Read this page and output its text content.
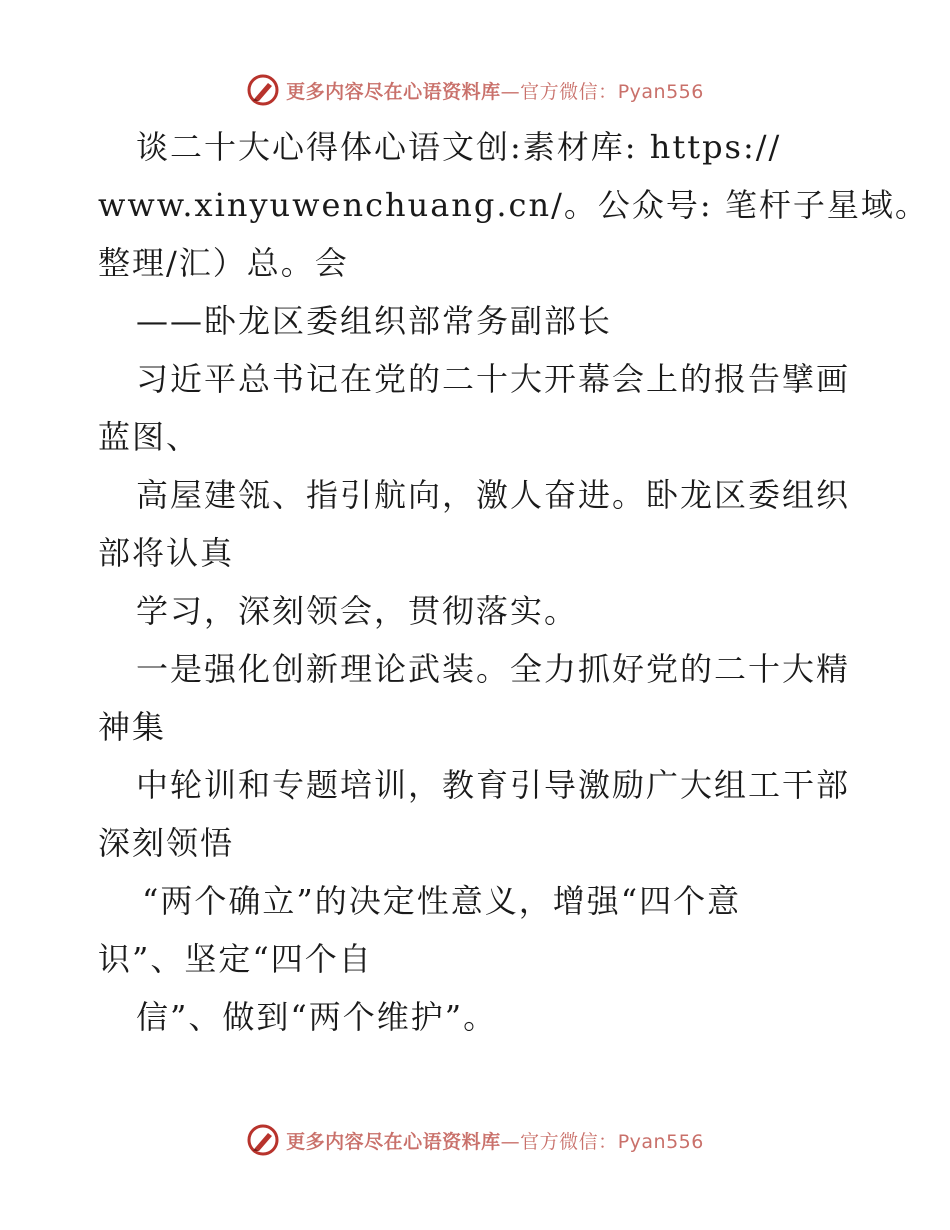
更多内容尽在心语资料库—官方微信：Pyan556
谈二十大心得体心语文创:素材库: https://
www.xinyuwenchuang.cn/。公众号: 笔杆子星域。
整理/汇）总。会
——卧龙区委组织部常务副部长
习近平总书记在党的二十大开幕会上的报告擘画
蓝图、
高屋建瓴、指引航向，激人奋进。卧龙区委组织
部将认真
学习，深刻领会，贯彻落实。
一是强化创新理论武装。全力抓好党的二十大精
神集
中轮训和专题培训，教育引导激励广大组工干部
深刻领悟
“两个确立”的决定性意义，增强“四个意
识”、坚定“四个自
信”、做到“两个维护”。
更多内容尽在心语资料库—官方微信：Pyan556
